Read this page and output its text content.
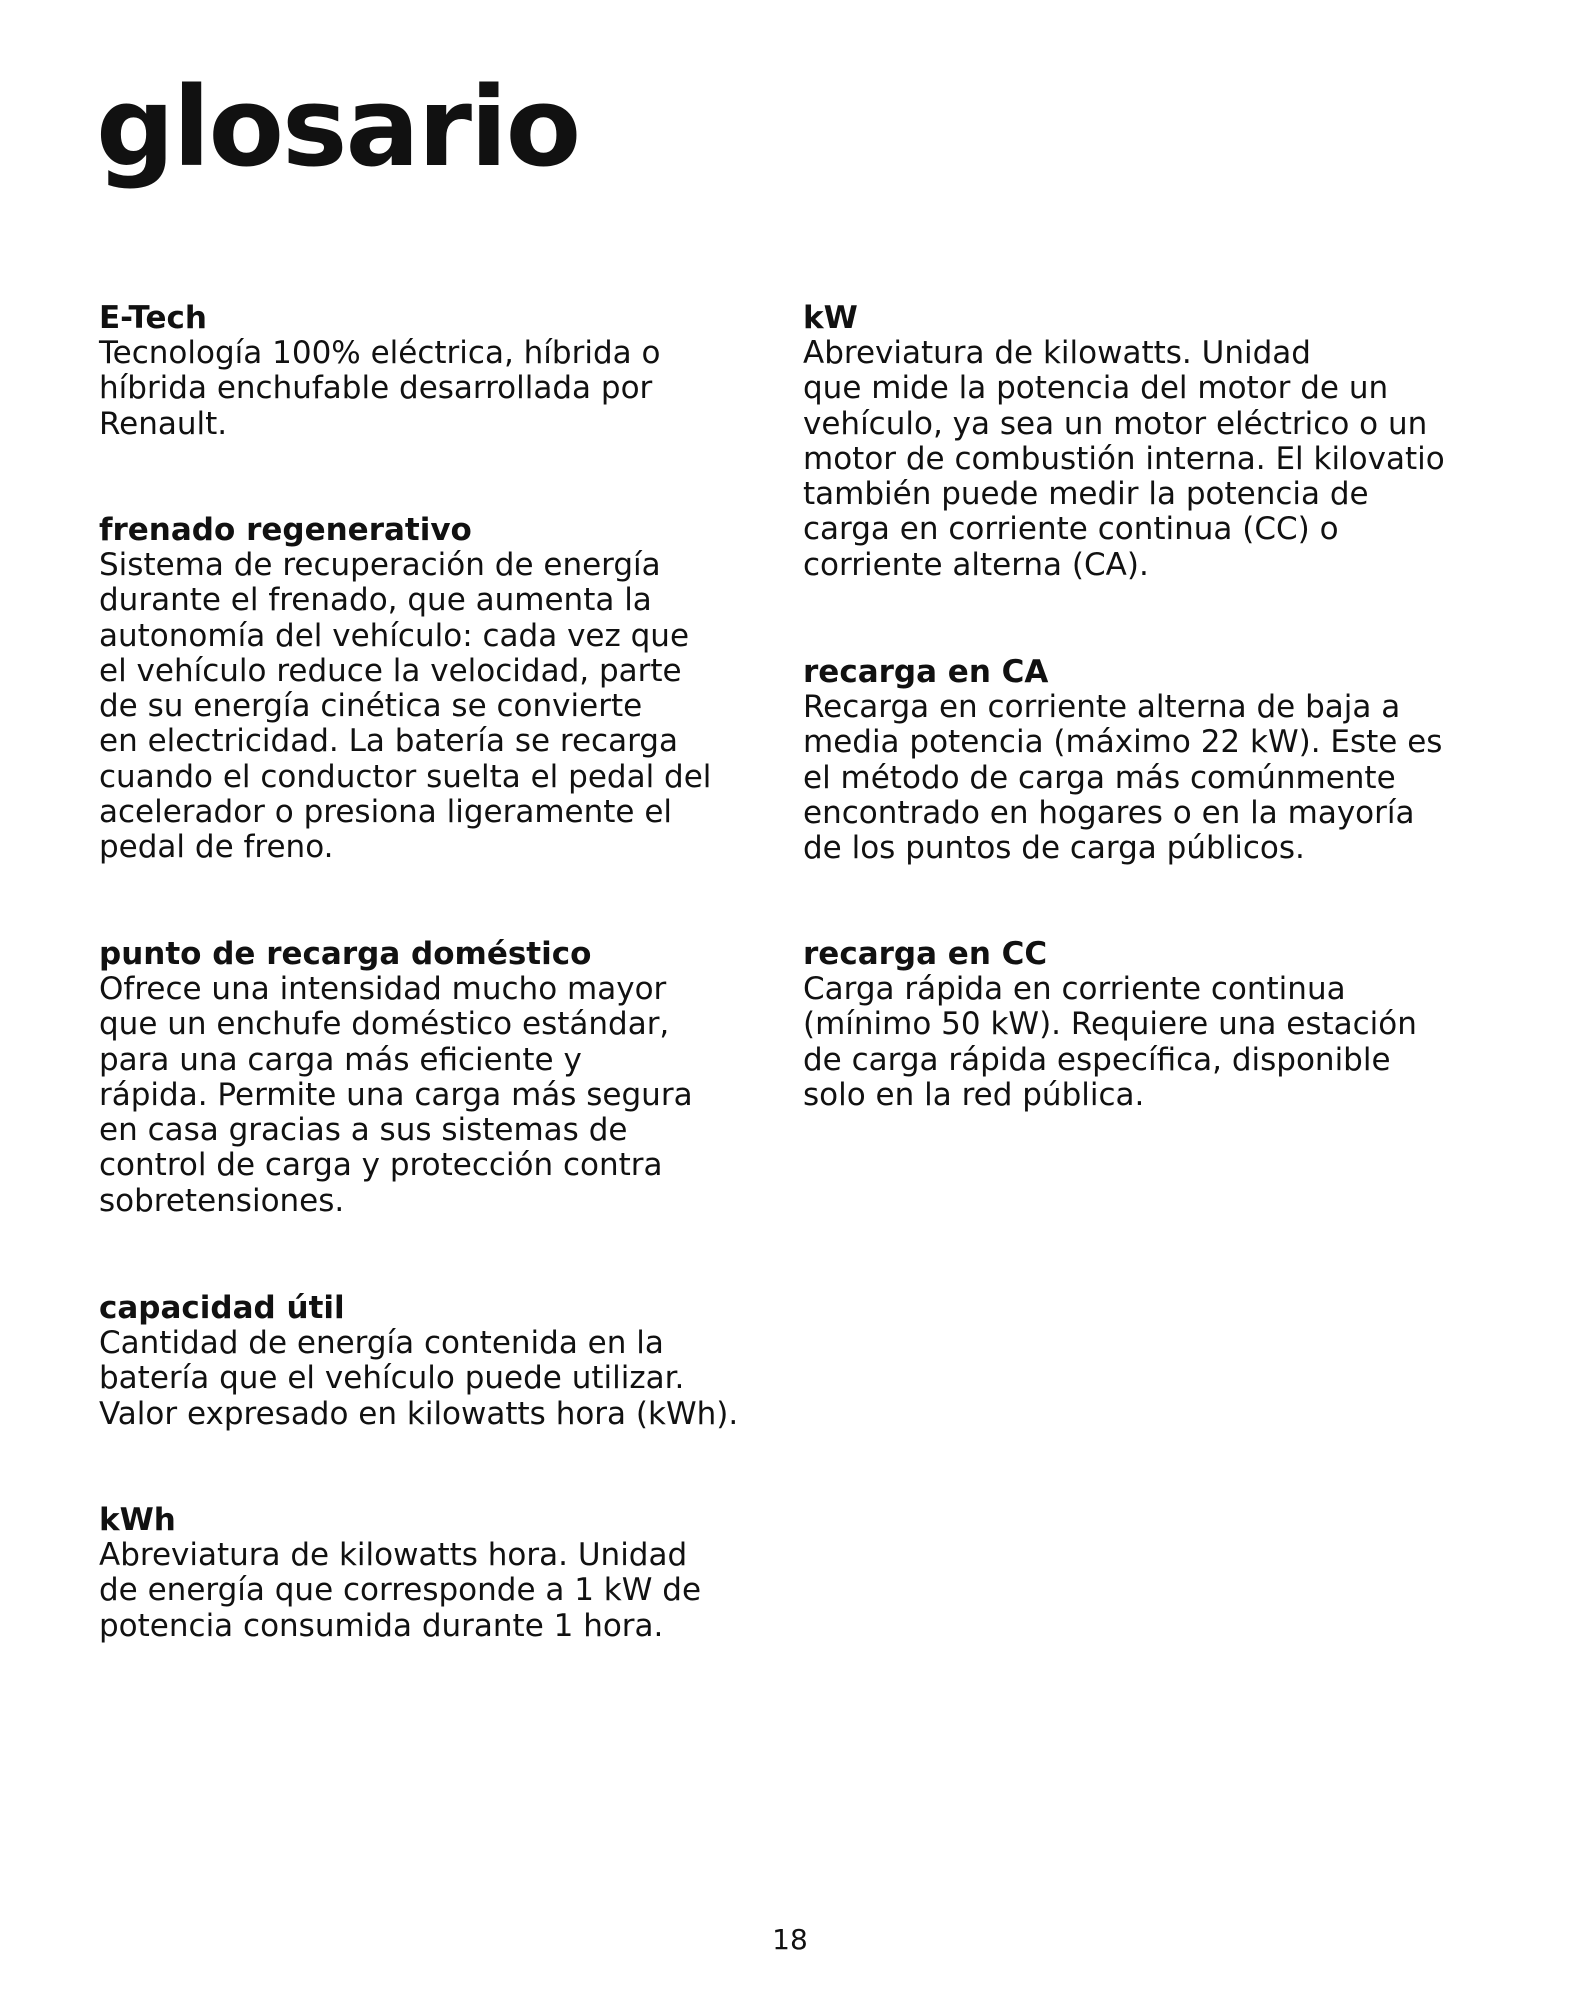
glosario

E-Tech

Tecnología 100% eléctrica, híbrida o
híbrida enchufable desarrollada por
Renault.

frenado regenerativo

Sistema de recuperación de energía
durante el frenado, que aumenta la
autonomía del vehículo: cada vez que
el vehículo reduce la velocidad, parte
de su energía cinética se convierte
en electricidad. La batería se recarga
cuando el conductor suelta el pedal del
acelerador o presiona ligeramente el
pedal de freno.

punto de recarga doméstico

Ofrece una intensidad mucho mayor
que un enchufe doméstico estándar,
para una carga más eficiente y
rápida. Permite una carga más segura
en casa gracias a sus sistemas de
control de carga y protección contra
sobretensiones.

capacidad útil

Cantidad de energía contenida en la
batería que el vehículo puede utilizar.
Valor expresado en kilowatts hora (kWh).

kWh

Abreviatura de kilowatts hora. Unidad
de energía que corresponde a 1 kW de
potencia consumida durante 1 hora.

kW

Abreviatura de kilowatts. Unidad
que mide la potencia del motor de un
vehículo, ya sea un motor eléctrico o un
motor de combustión interna. El kilovatio
también puede medir la potencia de
carga en corriente continua (CC) o
corriente alterna (CA).

recarga en CA

Recarga en corriente alterna de baja a
media potencia (máximo 22 kW). Este es
el método de carga más comúnmente
encontrado en hogares o en la mayoría
de los puntos de carga públicos.

recarga en CC

Carga rápida en corriente continua
(mínimo 50 kW). Requiere una estación
de carga rápida específica, disponible
solo en la red pública.

18
